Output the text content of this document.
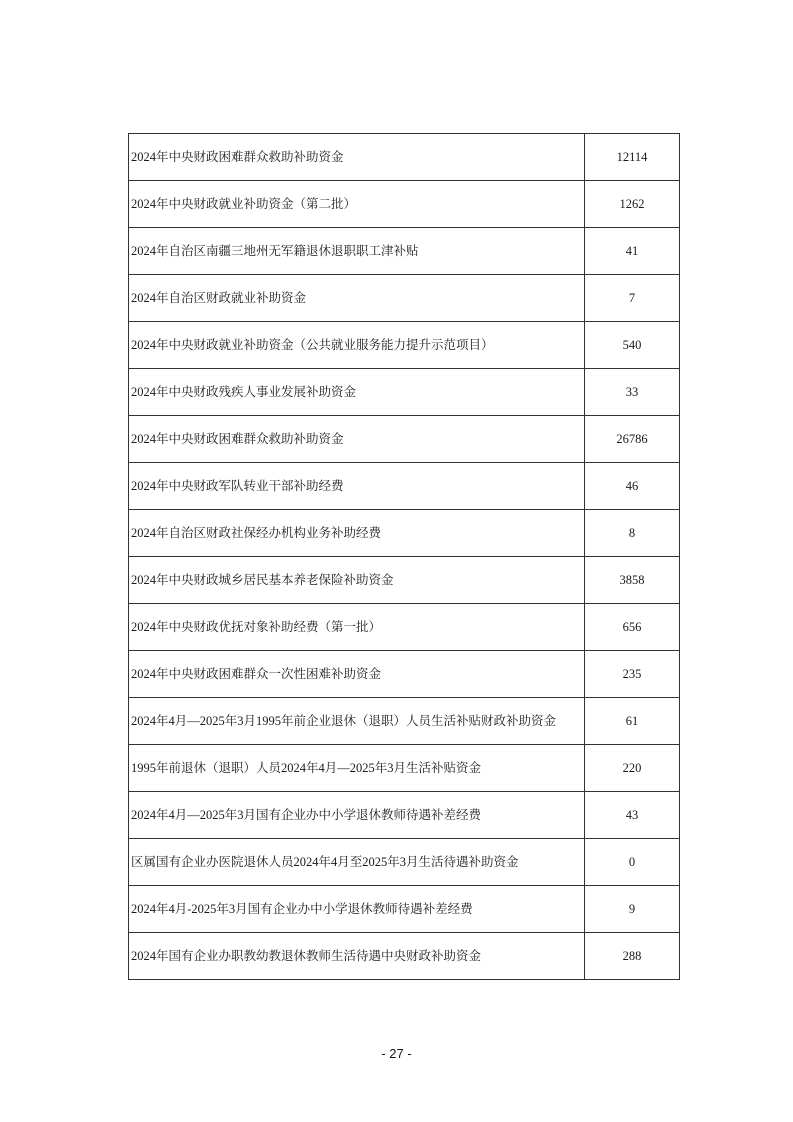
2024年中央财政困难群众救助补助资金	12114
2024年中央财政就业补助资金（第二批）	1262
2024年自治区南疆三地州无军籍退休退职职工津补贴	41
2024年自治区财政就业补助资金	7
2024年中央财政就业补助资金（公共就业服务能力提升示范项目）	540
2024年中央财政残疾人事业发展补助资金	33
2024年中央财政困难群众救助补助资金	26786
2024年中央财政军队转业干部补助经费	46
2024年自治区财政社保经办机构业务补助经费	8
2024年中央财政城乡居民基本养老保险补助资金	3858
2024年中央财政优抚对象补助经费（第一批）	656
2024年中央财政困难群众一次性困难补助资金	235
2024年4月—2025年3月1995年前企业退休（退职）人员生活补贴财政补助资金	61
1995年前退休（退职）人员2024年4月—2025年3月生活补贴资金	220
2024年4月—2025年3月国有企业办中小学退休教师待遇补差经费	43
区属国有企业办医院退休人员2024年4月至2025年3月生活待遇补助资金	0
2024年4月-2025年3月国有企业办中小学退休教师待遇补差经费	9
2024年国有企业办职教幼教退休教师生活待遇中央财政补助资金	288
- 27 -
